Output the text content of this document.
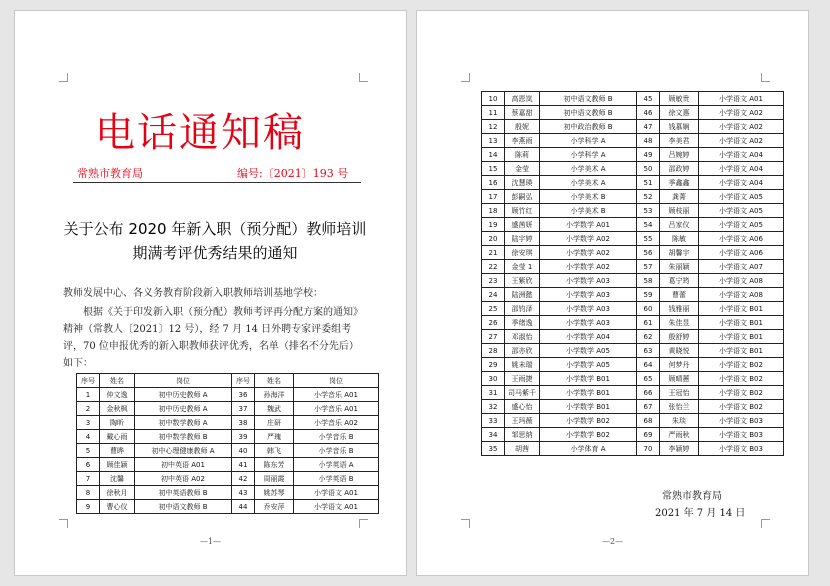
电话通知稿
常熟市教育局	编号:〔2021〕193 号
关于公布 2020 年新入职（预分配）教师培训期满考评优秀结果的通知
教师发展中心、各义务教育阶段新入职教师培训基地学校：
根据《关于印发新入职（预分配）教师考评再分配方案的通知》精神（常教人〔2021〕12 号），经 7 月 14 日外聘专家评委组考评，70 位申报优秀的新入职教师获评优秀，名单（排名不分先后）如下：
序号	姓名	岗位	序号	姓名	岗位
1	仲文逸	初中历史教师 A	36	孙海洋	小学音乐 A01
2	金秋枫	初中历史教师 A	37	魏武	小学音乐 A01
3	陶昕	初中数学教师 A	38	庄研	小学音乐 A02
4	戴心雨	初中数学教师 B	39	严瑰	小学音乐 B
5	曹晔	初中心理健康教师 A	40	韩飞	小学音乐 B
6	顾佳颖	初中英语 A01	41	陈东芳	小学英语 A
7	沈馨	初中英语 A02	42	周丽霞	小学英语 B
8	徐秋月	初中英语教师 B	43	姚苏琴	小学语文 A01
9	曹心仪	初中语文教师 B	44	乔安萍	小学语文 A01
—1—
10	高恩岚	初中语文教师 B	45	顾敏贵	小学语文 A01
11	蔡嘉甜	初中语文教师 B	46	徐文惠	小学语文 A02
12	殷妮	初中政治教师 B	47	钱慕娴	小学语文 A02
13	李燕雨	小学科学 A	48	李美君	小学语文 A02
14	陈莉	小学科学 A	49	吕婉婷	小学语文 A04
15	金莹	小学美术 A	50	邵政婷	小学语文 A04
16	沈慧瑛	小学美术 A	51	季鑫鑫	小学语文 A04
17	彭嗣弘	小学美术 B	52	龚菁	小学语文 A05
18	顾竹红	小学美术 B	53	顾枝丽	小学语文 A05
19	盛茜妍	小学数学 A01	54	吕家仪	小学语文 A05
20	陆宇婷	小学数学 A02	55	陈敏	小学语文 A06
21	徐安琪	小学数学 A02	56	胡馨宇	小学语文 A06
22	金莹 1	小学数学 A02	57	朱丽颖	小学语文 A07
23	王紫欣	小学数学 A03	58	葛宁筠	小学语文 A08
24	陆洲懿	小学数学 A03	59	曹蕾	小学语文 A08
25	邵钧泽	小学数学 A03	60	钱雅丽	小学语文 B01
26	季绪逸	小学数学 A03	61	朱佳昱	小学语文 B01
27	邓淑怡	小学数学 A04	62	殷舒婷	小学语文 B01
28	邵亦欣	小学数学 A05	63	黄晓悦	小学语文 B01
29	姚未瑞	小学数学 A05	64	何梦丹	小学语文 B02
30	王雨捷	小学数学 B01	65	顾晴蕙	小学语文 B02
31	司马紫千	小学数学 B01	66	王冠怡	小学语文 B02
32	盛心怡	小学数学 B01	67	张怡兰	小学语文 B02
33	王玛薇	小学数学 B02	68	朱琰	小学语文 B03
34	邹思纳	小学数学 B02	69	严雨秋	小学语文 B03
35	胡茜	小学体育 A	70	李颖婷	小学语文 B03
常熟市教育局
2021 年 7 月 14 日
—2—
